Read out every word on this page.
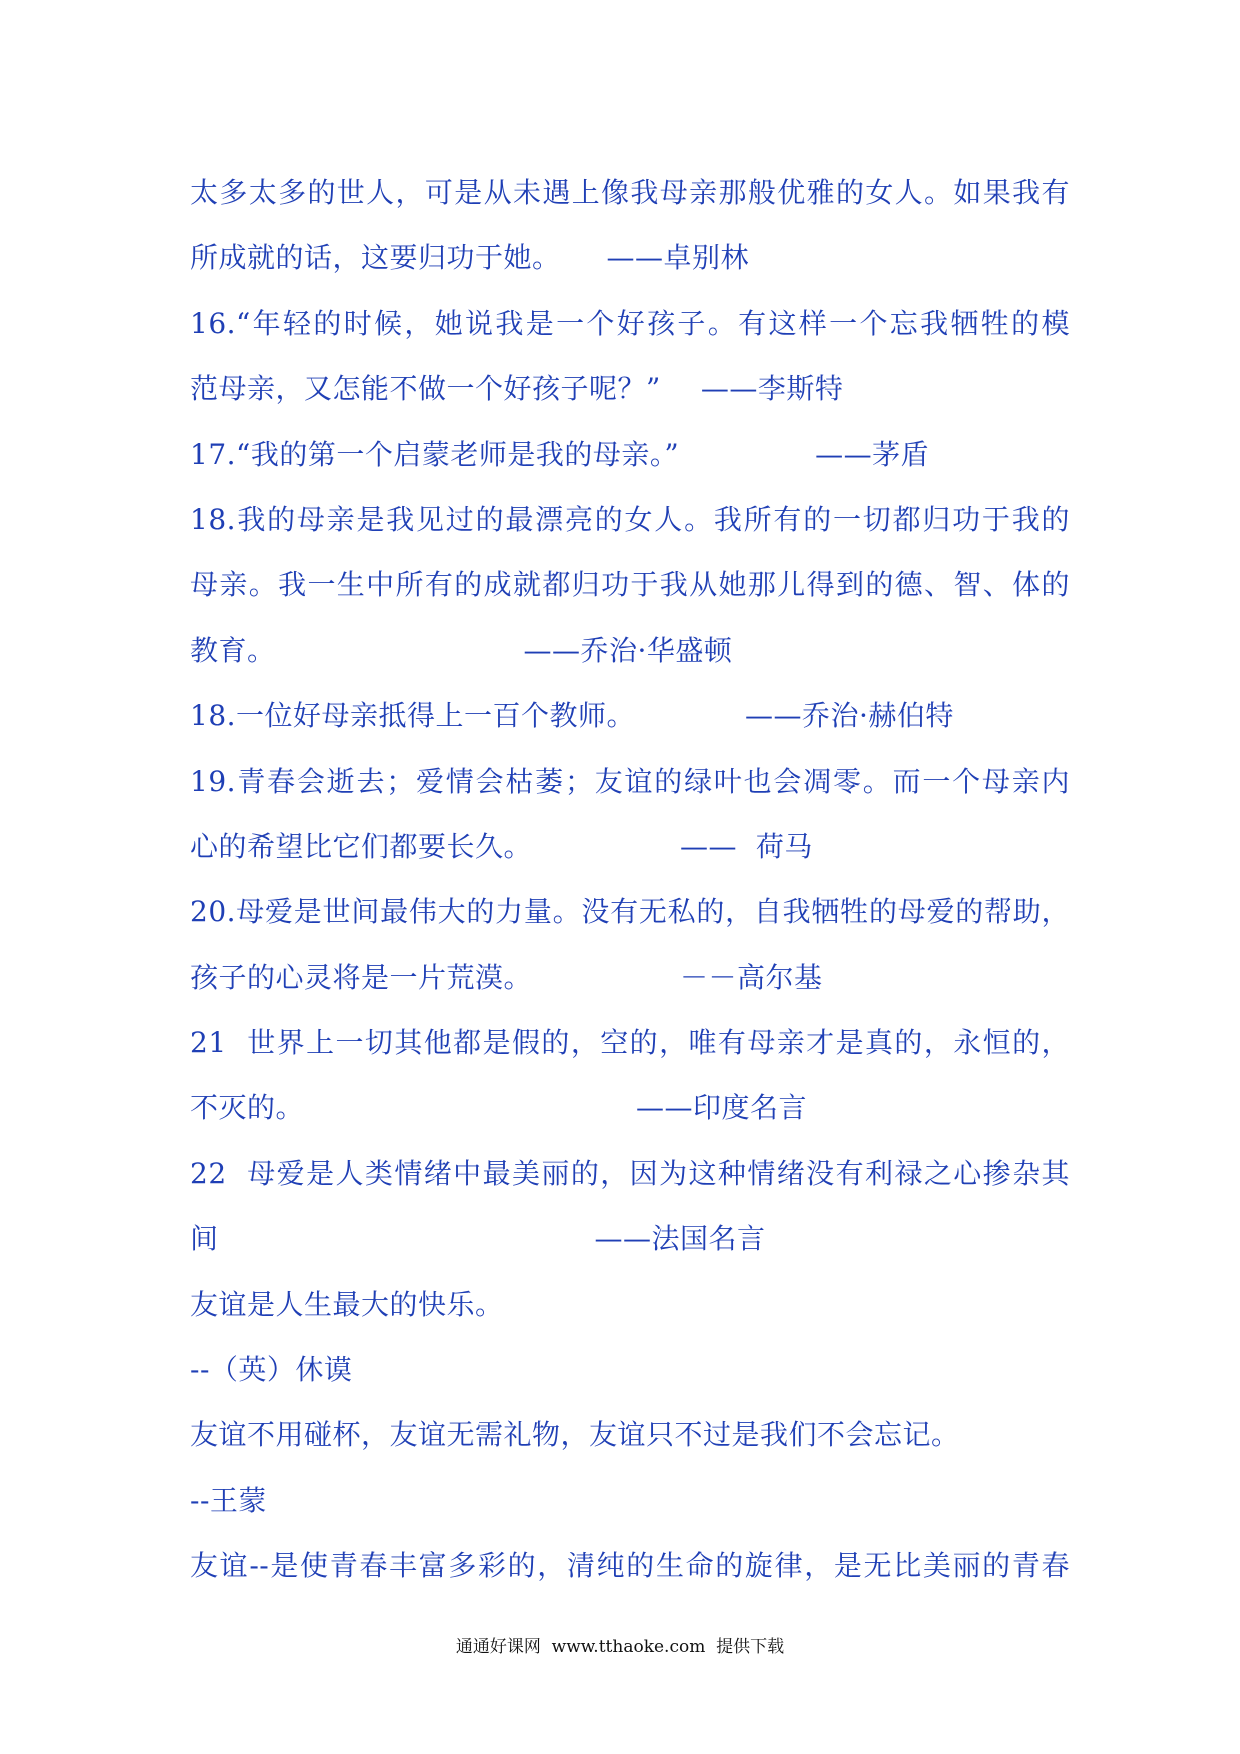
太多太多的世人，可是从未遇上像我母亲那般优雅的女人。如果我有
所成就的话，这要归功于她。 ——卓别林
16.“年轻的时候，她说我是一个好孩子。有这样一个忘我牺牲的模
范母亲，又怎能不做一个好孩子呢？” ——李斯特
17.“我的第一个启蒙老师是我的母亲。”	——茅盾
18.我的母亲是我见过的最漂亮的女人。我所有的一切都归功于我的
母亲。我一生中所有的成就都归功于我从她那儿得到的德、智、体的
教育。	——乔治·华盛顿
18.一位好母亲抵得上一百个教师。	——乔治·赫伯特
19.青春会逝去；爱情会枯萎；友谊的绿叶也会凋零。而一个母亲内
心的希望比它们都要长久。	——  荷马
20.母爱是世间最伟大的力量。没有无私的，自我牺牲的母爱的帮助，
孩子的心灵将是一片荒漠。	－－高尔基
21  世界上一切其他都是假的，空的，唯有母亲才是真的，永恒的，
不灭的。	——印度名言
22  母爱是人类情绪中最美丽的，因为这种情绪没有利禄之心掺杂其
间	——法国名言
友谊是人生最大的快乐。
--（英）休谟
友谊不用碰杯，友谊无需礼物，友谊只不过是我们不会忘记。
--王蒙
友谊--是使青春丰富多彩的，清纯的生命的旋律，是无比美丽的青春
通通好课网  www.tthaoke.com  提供下载
